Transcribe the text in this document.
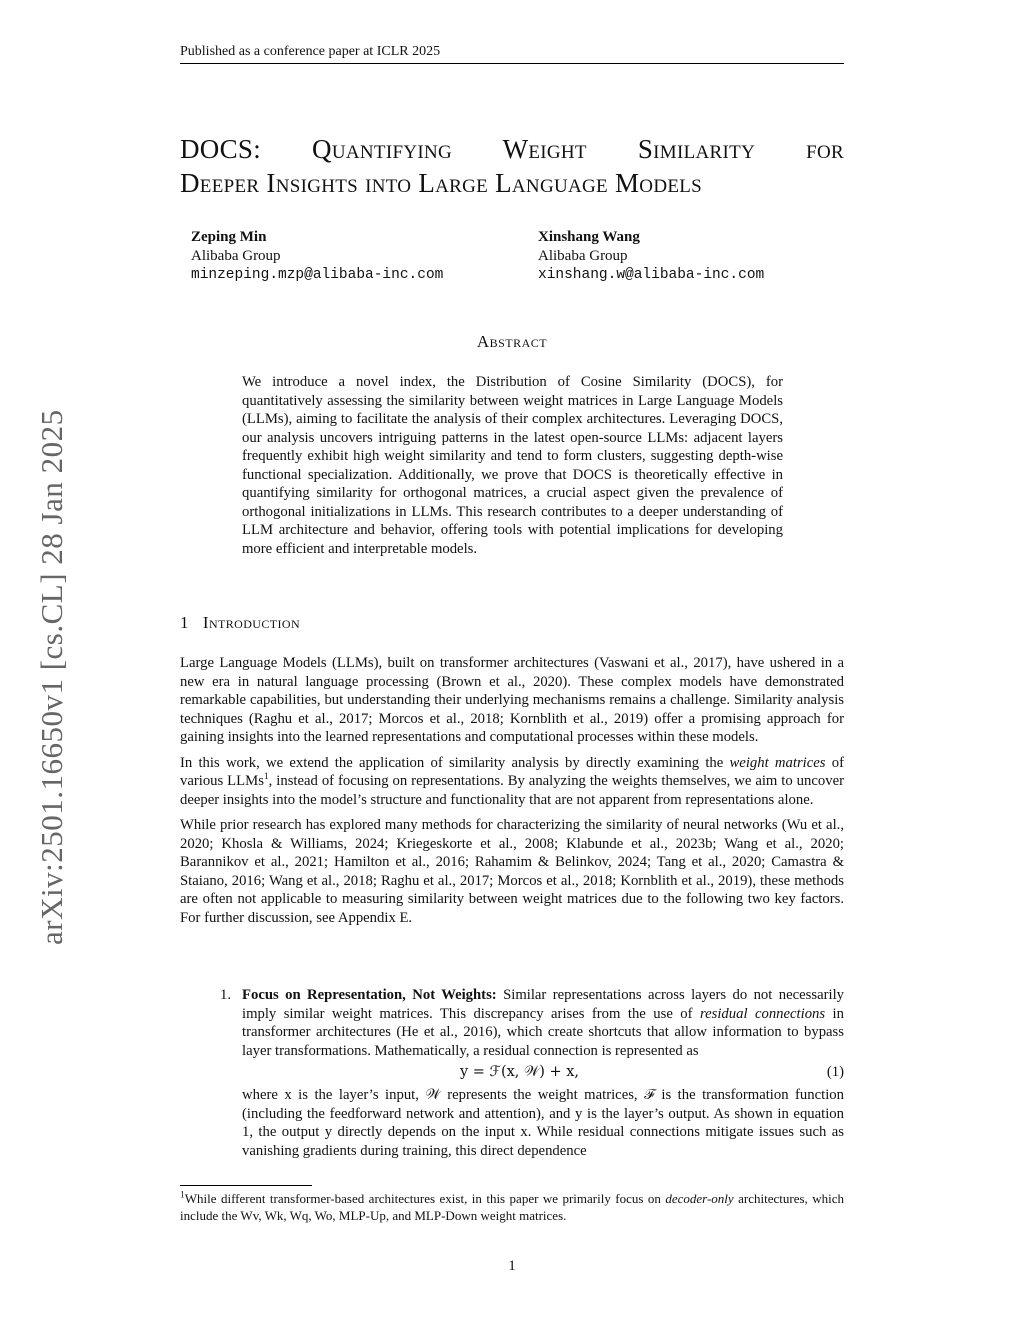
Published as a conference paper at ICLR 2025
arXiv:2501.16650v1 [cs.CL] 28 Jan 2025
DOCS: Quantifying Weight Similarity for
Deeper Insights into Large Language Models
Zeping Min
Alibaba Group
minzeping.mzp@alibaba-inc.com
Xinshang Wang
Alibaba Group
xinshang.w@alibaba-inc.com
Abstract

We introduce a novel index, the Distribution of Cosine Similarity (DOCS), for quantitatively assessing the similarity between weight matrices in Large Language Models (LLMs), aiming to facilitate the analysis of their complex architectures. Leveraging DOCS, our analysis uncovers intriguing patterns in the latest open-source LLMs: adjacent layers frequently exhibit high weight similarity and tend to form clusters, suggesting depth-wise functional specialization. Additionally, we prove that DOCS is theoretically effective in quantifying similarity for orthogonal matrices, a crucial aspect given the prevalence of orthogonal initializations in LLMs. This research contributes to a deeper understanding of LLM architecture and behavior, offering tools with potential implications for developing more efficient and interpretable models.

1 Introduction

Large Language Models (LLMs), built on transformer architectures (Vaswani et al., 2017), have ushered in a new era in natural language processing (Brown et al., 2020). These complex models have demonstrated remarkable capabilities, but understanding their underlying mechanisms remains a challenge. Similarity analysis techniques (Raghu et al., 2017; Morcos et al., 2018; Kornblith et al., 2019) offer a promising approach for gaining insights into the learned representations and computational processes within these models.

In this work, we extend the application of similarity analysis by directly examining the weight matrices of various LLMs$^1$, instead of focusing on representations. By analyzing the weights themselves, we aim to uncover deeper insights into the model’s structure and functionality that are not apparent from representations alone.

While prior research has explored many methods for characterizing the similarity of neural networks (Wu et al., 2020; Khosla & Williams, 2024; Kriegeskorte et al., 2008; Klabunde et al., 2023b; Wang et al., 2020; Barannikov et al., 2021; Hamilton et al., 2016; Rahamim & Belinkov, 2024; Tang et al., 2020; Camastra & Staiano, 2016; Wang et al., 2018; Raghu et al., 2017; Morcos et al., 2018; Kornblith et al., 2019), these methods are often not applicable to measuring similarity between weight matrices due to the following two key factors. For further discussion, see Appendix E.

1. Focus on Representation, Not Weights: Similar representations across layers do not necessarily imply similar weight matrices. This discrepancy arises from the use of residual connections in transformer architectures (He et al., 2016), which create shortcuts that allow information to bypass layer transformations. Mathematically, a residual connection is represented as
y = ℱ(x, 𝒲) + x,	(1)
where x is the layer’s input, 𝒲 represents the weight matrices, ℱ is the transformation function (including the feedforward network and attention), and y is the layer’s output. As shown in equation 1, the output y directly depends on the input x. While residual connections mitigate issues such as vanishing gradients during training, this direct dependence
$^1$While different transformer-based architectures exist, in this paper we primarily focus on decoder-only architectures, which include the Wv, Wk, Wq, Wo, MLP-Up, and MLP-Down weight matrices.
1
